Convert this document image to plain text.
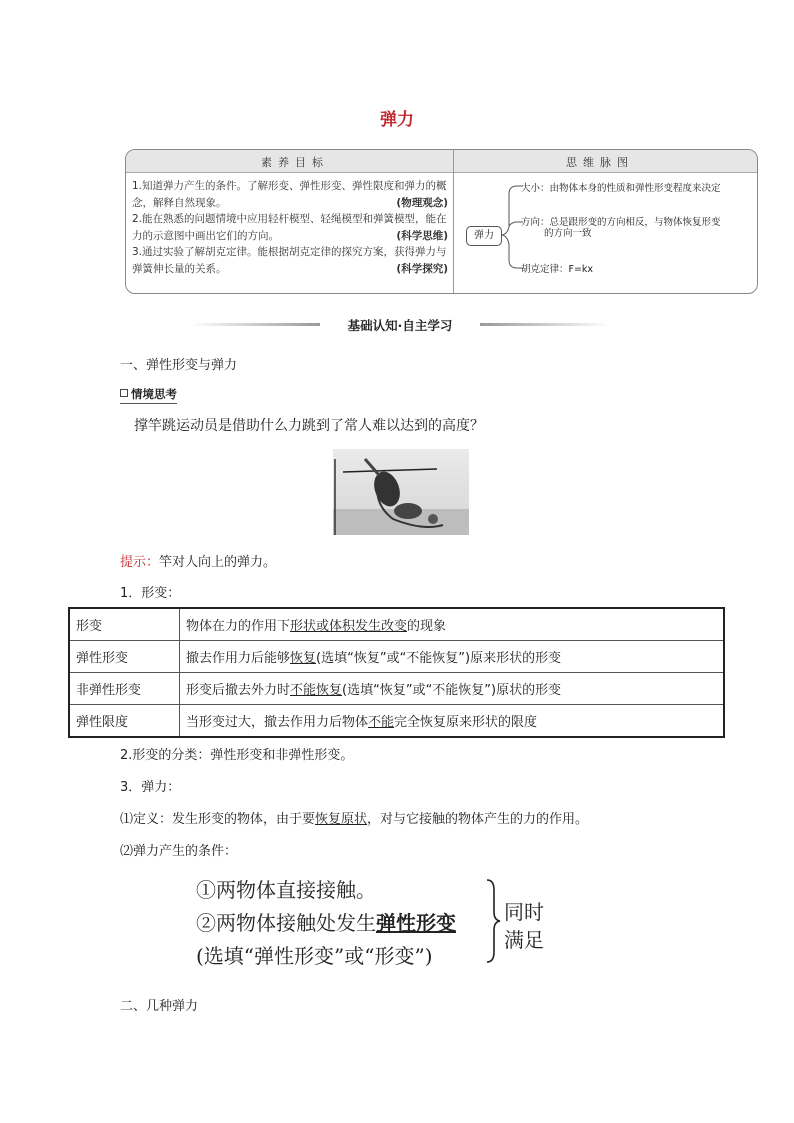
弹力
素养目标	思维脉图
1.知道弹力产生的条件。了解形变、弹性形变、弹性限度和弹力的概念，解释自然现象。	(物理观念)
2.能在熟悉的问题情境中应用轻杆模型、轻绳模型和弹簧模型，能在力的示意图中画出它们的方向。	(科学思维)
3.通过实验了解胡克定律。能根据胡克定律的探究方案，获得弹力与弹簧伸长量的关系。	(科学探究)
弹力
大小：由物体本身的性质和弹性形变程度来决定
方向：总是跟形变的方向相反，与物体恢复形变
的方向一致
胡克定律：F=kx
基础认知·自主学习
一、弹性形变与弹力
情境思考
撑竿跳运动员是借助什么力跳到了常人难以达到的高度？
提示：竿对人向上的弹力。
1．形变：
形变	物体在力的作用下形状或体积发生改变的现象
弹性形变	撤去作用力后能够恢复(选填“恢复”或“不能恢复”)原来形状的形变
非弹性形变	形变后撤去外力时不能恢复(选填“恢复”或“不能恢复”)原状的形变
弹性限度	当形变过大，撤去作用力后物体不能完全恢复原来形状的限度
2.形变的分类：弹性形变和非弹性形变。
3．弹力：
⑴定义：发生形变的物体，由于要恢复原状，对与它接触的物体产生的力的作用。
⑵弹力产生的条件：
①两物体直接接触。
②两物体接触处发生弹性形变
(选填“弹性形变”或“形变”)
同时
满足
二、几种弹力
